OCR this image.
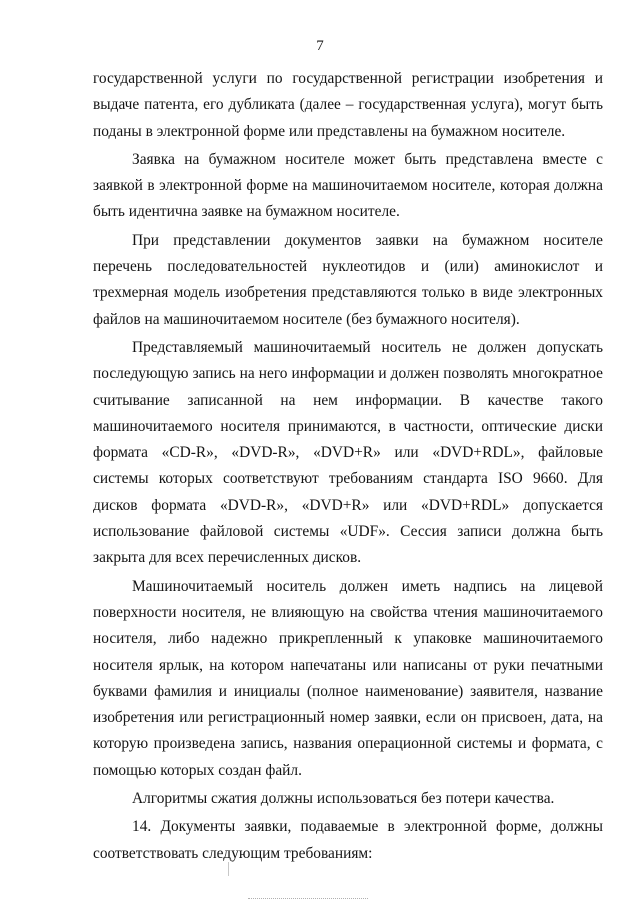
7

государственной услуги по государственной регистрации изобретения и выдаче патента, его дубликата (далее – государственная услуга), могут быть поданы в электронной форме или представлены на бумажном носителе.

Заявка на бумажном носителе может быть представлена вместе с заявкой в электронной форме на машиночитаемом носителе, которая должна быть идентична заявке на бумажном носителе.

При представлении документов заявки на бумажном носителе перечень последовательностей нуклеотидов и (или) аминокислот и трехмерная модель изобретения представляются только в виде электронных файлов на машиночитаемом носителе (без бумажного носителя).

Представляемый машиночитаемый носитель не должен допускать последующую запись на него информации и должен позволять многократное считывание записанной на нем информации. В качестве такого машиночитаемого носителя принимаются, в частности, оптические диски формата «CD-R», «DVD-R», «DVD+R» или «DVD+RDL», файловые системы которых соответствуют требованиям стандарта ISO 9660. Для дисков формата «DVD-R», «DVD+R» или «DVD+RDL» допускается использование файловой системы «UDF». Сессия записи должна быть закрыта для всех перечисленных дисков.

Машиночитаемый носитель должен иметь надпись на лицевой поверхности носителя, не влияющую на свойства чтения машиночитаемого носителя, либо надежно прикрепленный к упаковке машиночитаемого носителя ярлык, на котором напечатаны или написаны от руки печатными буквами фамилия и инициалы (полное наименование) заявителя, название изобретения или регистрационный номер заявки, если он присвоен, дата, на которую произведена запись, названия операционной системы и формата, с помощью которых создан файл.

Алгоритмы сжатия должны использоваться без потери качества.

14. Документы заявки, подаваемые в электронной форме, должны соответствовать следующим требованиям:
